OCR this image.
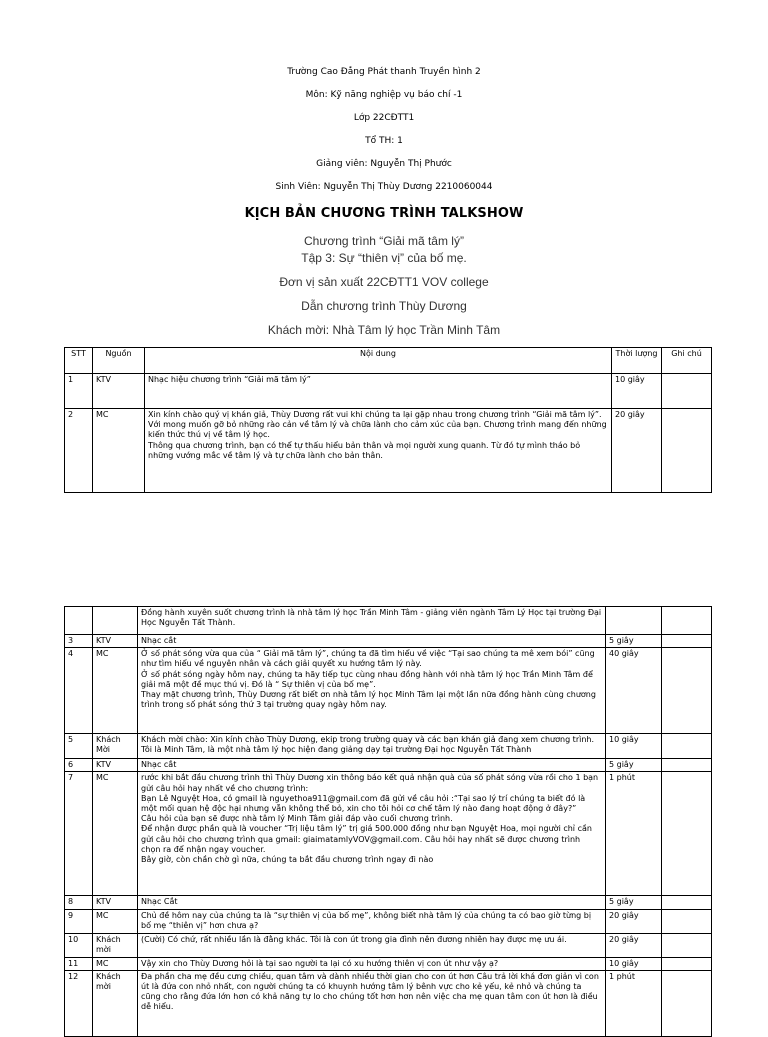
Trường Cao Đẳng Phát thanh Truyền hình 2
Môn: Kỹ năng nghiệp vụ báo chí -1
Lớp 22CĐTT1
Tổ TH: 1
Giảng viên: Nguyễn Thị Phước
Sinh Viên: Nguyễn Thị Thùy Dương 2210060044
KỊCH BẢN CHƯƠNG TRÌNH TALKSHOW
Chương trình “Giải mã tâm lý”
Tập 3: Sự “thiên vị” của bố mẹ.
Đơn vị sản xuất 22CĐTT1 VOV college
Dẫn chương trình Thùy Dương
Khách mời: Nhà Tâm lý học Trần Minh Tâm
STT	Nguồn	Nội dung	Thời lượng	Ghi chú
1	KTV	Nhạc hiệu chương trình “Giải mã tâm lý”	10 giây	
2	MC	Xin kính chào quý vị khán giả, Thùy Dương rất vui khi chúng ta lại gặp nhau trong chương trình “Giải mã tâm lý”. Với mong muốn gỡ bỏ những rào cản về tâm lý và chữa lành cho cảm xúc của bạn. Chương trình mang đến những kiến thức thú vị về tâm lý học.
Thông qua chương trình, bạn có thể tự thấu hiểu bản thân và mọi người xung quanh. Từ đó tự mình tháo bỏ những vướng mắc về tâm lý và tự chữa lành cho bản thân.	20 giây	

		Đồng hành xuyên suốt chương trình là nhà tâm lý học Trần Minh Tâm - giảng viên ngành Tâm Lý Học tại trường Đại Học Nguyễn Tất Thành.		

3	KTV	Nhạc cắt	5 giây	
4	MC	Ở số phát sóng vừa qua của “ Giải mã tâm lý”, chúng ta đã tìm hiểu về việc “Tại sao chúng ta mê xem bói” cũng như tìm hiểu về nguyên nhân và cách giải quyết xu hướng tâm lý này.
Ở số phát sóng ngày hôm nay, chúng ta hãy tiếp tục cùng nhau đồng hành với nhà tâm lý học Trần Minh Tâm để giải mã một đề mục thú vị. Đó là “ Sự thiên vị của bố mẹ”.
Thay mặt chương trình, Thùy Dương rất biết ơn nhà tâm lý học Minh Tâm lại một lần nữa đồng hành cùng chương trình trong số phát sóng thứ 3 tại trường quay ngày hôm nay.	40 giây	
5	Khách Mời	Khách mời chào: Xin kính chào Thùy Dương, ekip trong trường quay và các bạn khán giả đang xem chương trình. Tôi là Minh Tâm, là một nhà tâm lý học hiện đang giảng dạy tại trường Đại học Nguyễn Tất Thành	10 giây	
6	KTV	Nhạc cắt	5 giây	
7	MC	rước khi bắt đầu chương trình thì Thùy Dương xin thông báo kết quả nhận quà của số phát sóng vừa rồi cho 1 bạn gửi câu hỏi hay nhất về cho chương trình:
Bạn Lê Nguyệt Hoa, có gmail là nguyethoa911@gmail.com đã gửi về câu hỏi :“Tại sao lý trí chúng ta biết đó là một mối quan hệ độc hại nhưng vẫn không thể bỏ, xin cho tôi hỏi cơ chế tâm lý nào đang hoạt động ở đây?”
Câu hỏi của bạn sẽ được nhà tâm lý Minh Tâm giải đáp vào cuối chương trình.
Để nhận được phần quà là voucher “Trị liệu tâm lý” trị giá 500.000 đồng như bạn Nguyệt Hoa, mọi người chỉ cần gửi câu hỏi cho chương trình qua gmail: giaimatamlyVOV@gmail.com. Câu hỏi hay nhất sẽ được chương trình chọn ra để nhận ngay voucher.
Bây giờ, còn chần chờ gì nữa, chúng ta bắt đầu chương trình ngay đi nào	1 phút	
8	KTV	Nhạc Cắt	5 giây	
9	MC	Chủ đề hôm nay của chúng ta là “sự thiên vị của bố mẹ”, không biết nhà tâm lý của chúng ta có bao giờ từng bị bố mẹ “thiên vị” hơn chưa ạ?	20 giây	
10	Khách mời	(Cười) Có chứ, rất nhiều lần là đằng khác. Tôi là con út trong gia đình nên đương nhiên hay được mẹ ưu ái.	20 giây	
11	MC	Vậy xin cho Thùy Dương hỏi là tại sao người ta lại có xu hướng thiên vị con út như vậy ạ?	10 giây	
12	Khách mời	Đa phần cha mẹ đều cưng chiều, quan tâm và dành nhiều thời gian cho con út hơn Câu trả lời khá đơn giản vì con út là đứa con nhỏ nhất, con người chúng ta có khuynh hướng tâm lý bênh vực cho kẻ yếu, kẻ nhỏ và chúng ta cũng cho rằng đứa lớn hơn có khả năng tự lo cho chúng tốt hơn hơn nên việc cha mẹ quan tâm con út hơn là điều dễ hiểu.	1 phút	
